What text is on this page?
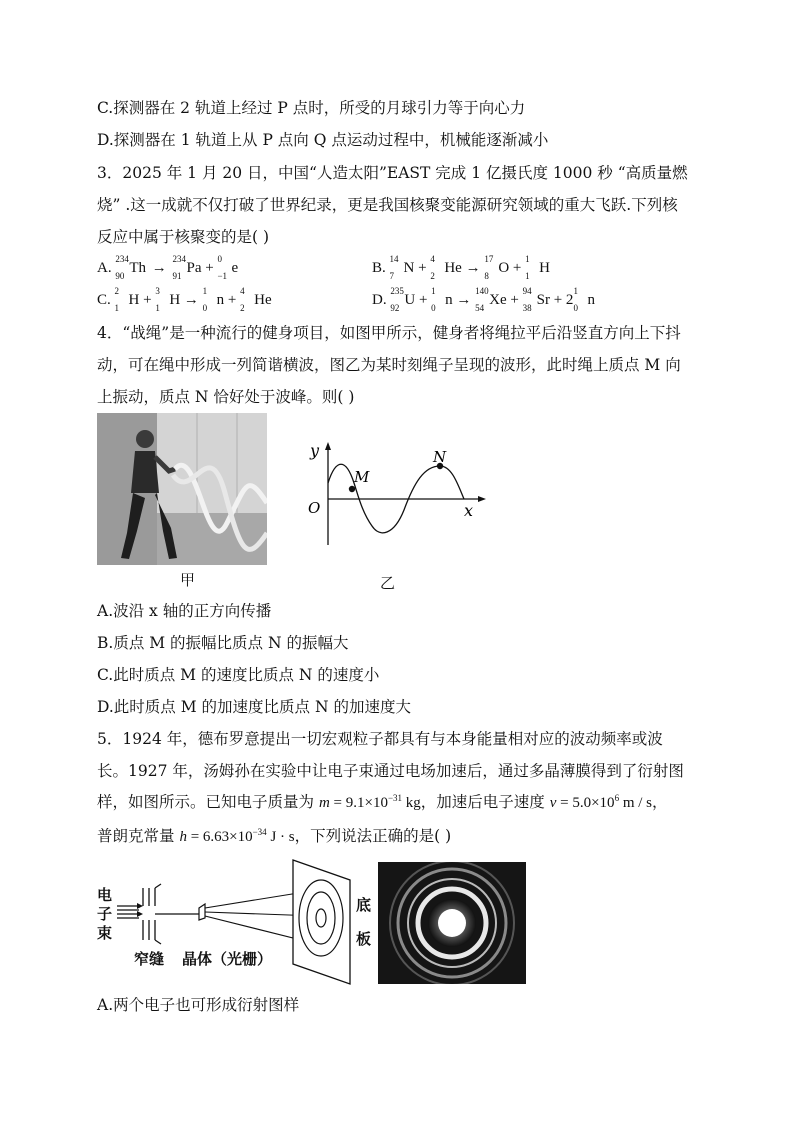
C.探测器在 2 轨道上经过 P 点时，所受的月球引力等于向心力
D.探测器在 1 轨道上从 P 点向 Q 点运动过程中，机械能逐渐减小
3．2025 年 1 月 20 日，中国“人造太阳”EAST 完成 1 亿摄氏度 1000 秒 “高质量燃
烧” .这一成就不仅打破了世界纪录，更是我国核聚变能源研究领域的重大飞跃.下列核
反应中属于核聚变的是( )
A.
234
90 Th →

234
91 Pa +
0
−1 e	B.
14
7 N +
4
2 He →
17
8 O +
1
1 H
C.
2
1 H +
3
1 H →
1
0 n +
4
2 He	D.
235
92 U +
1
0 n →
140
54 Xe +
94
38 Sr + 2
1
0 n
4．“战绳”是一种流行的健身项目，如图甲所示，健身者将绳拉平后沿竖直方向上下抖
动，可在绳中形成一列简谐横波，图乙为某时刻绳子呈现的波形，此时绳上质点 M 向
上振动，质点 N 恰好处于波峰。则( )
甲
y
x
O
M
N
乙
A.波沿 x 轴的正方向传播
B.质点 M 的振幅比质点 N 的振幅大
C.此时质点 M 的速度比质点 N 的速度小
D.此时质点 M 的加速度比质点 N 的加速度大
5．1924 年，德布罗意提出一切宏观粒子都具有与本身能量相对应的波动频率或波
长。1927 年，汤姆孙在实验中让电子束通过电场加速后，通过多晶薄膜得到了衍射图
样，如图所示。已知电子质量为 $m = 9.1\times 10^{-31}$ kg，加速后电子速度 $v = 5.0\times 10^6$ m / s，
普朗克常量 $h = 6.63\times 10^{-34}$ J · s，下列说法正确的是( )
电子束
窄缝 晶体（光栅）
底板
A.两个电子也可形成衍射图样
